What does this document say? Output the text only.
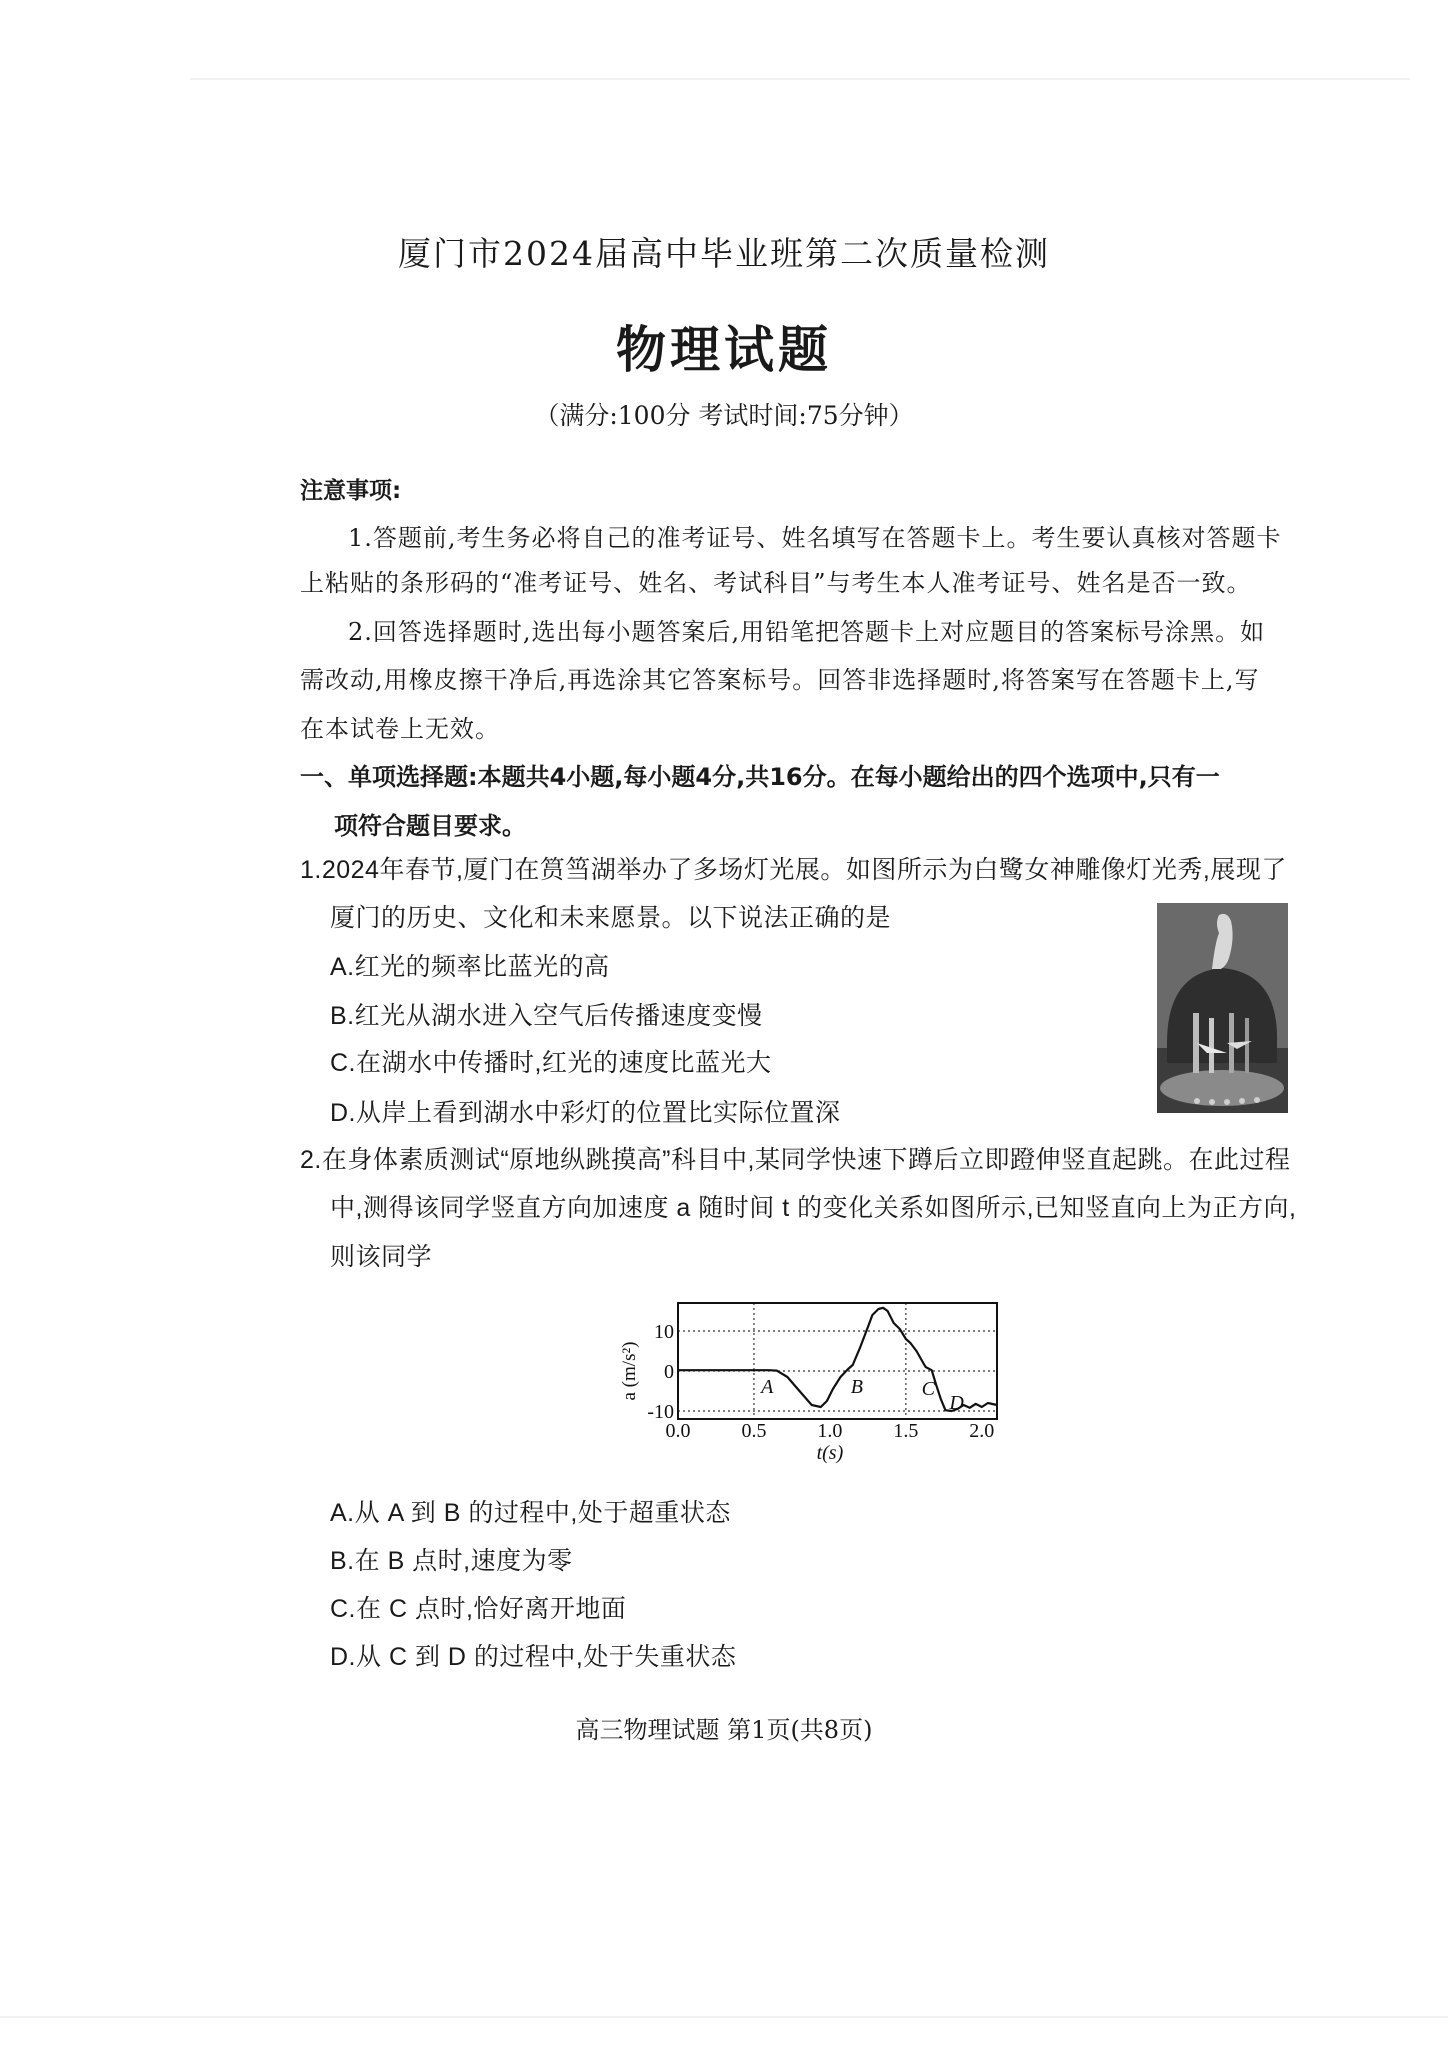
厦门市2024届高中毕业班第二次质量检测
物理试题
（满分:100分 考试时间:75分钟）
注意事项:
1.答题前,考生务必将自己的准考证号、姓名填写在答题卡上。考生要认真核对答题卡
上粘贴的条形码的“准考证号、姓名、考试科目”与考生本人准考证号、姓名是否一致。
2.回答选择题时,选出每小题答案后,用铅笔把答题卡上对应题目的答案标号涂黑。如
需改动,用橡皮擦干净后,再选涂其它答案标号。回答非选择题时,将答案写在答题卡上,写
在本试卷上无效。
一、单项选择题:本题共4小题,每小题4分,共16分。在每小题给出的四个选项中,只有一
项符合题目要求。
1.2024年春节,厦门在筼筜湖举办了多场灯光展。如图所示为白鹭女神雕像灯光秀,展现了
厦门的历史、文化和未来愿景。以下说法正确的是
A.红光的频率比蓝光的高
B.红光从湖水进入空气后传播速度变慢
C.在湖水中传播时,红光的速度比蓝光大
D.从岸上看到湖水中彩灯的位置比实际位置深
2.在身体素质测试“原地纵跳摸高”科目中,某同学快速下蹲后立即蹬伸竖直起跳。在此过程
中,测得该同学竖直方向加速度 a 随时间 t 的变化关系如图所示,已知竖直向上为正方向,
则该同学
10
0
-10
0.0	0.5	1.0	1.5	2.0
t(s)
a (m/s²)	A	B	C
D
A.从 A 到 B 的过程中,处于超重状态
B.在 B 点时,速度为零
C.在 C 点时,恰好离开地面
D.从 C 到 D 的过程中,处于失重状态
高三物理试题 第1页(共8页)
